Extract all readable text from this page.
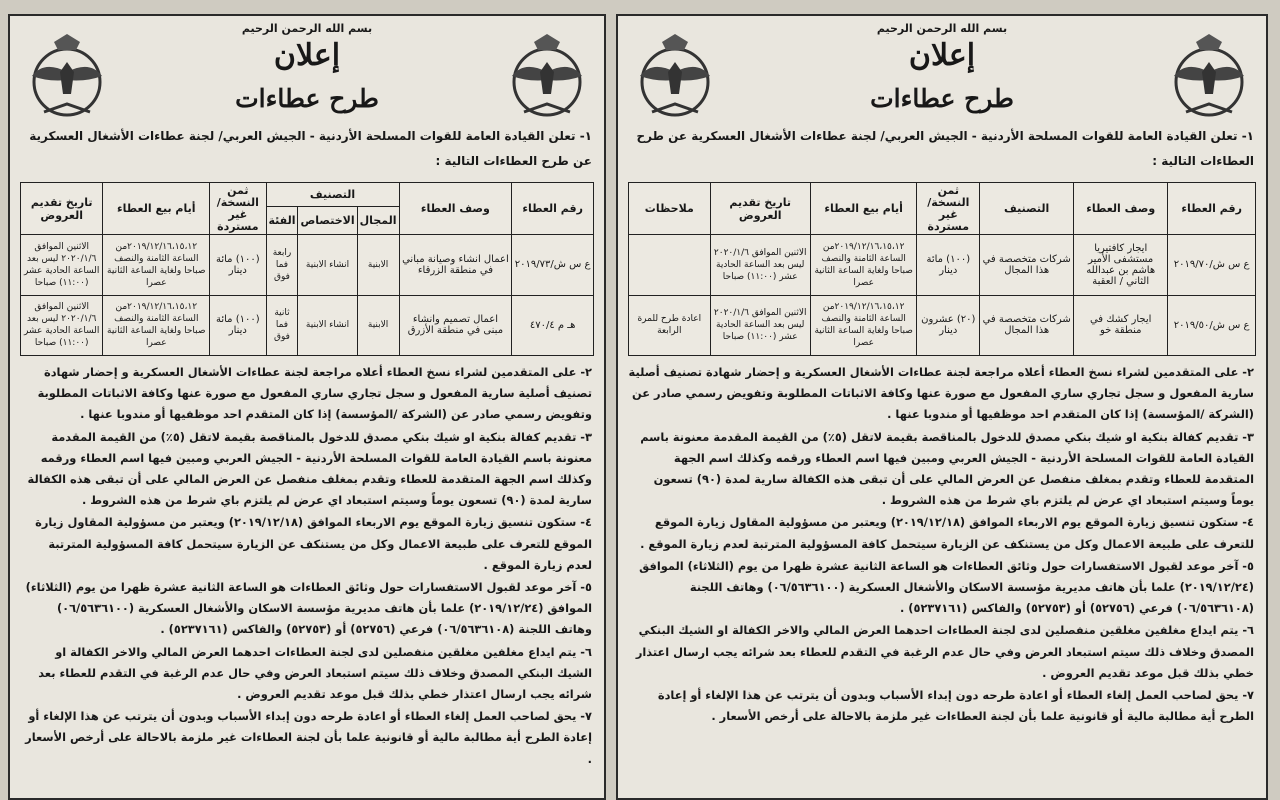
بسم الله الرحمن الرحيم
إعلان
طرح عطاءات
١- تعلن القيادة العامة للقوات المسلحة الأردنية - الجيش العربي/ لجنة عطاءات الأشغال العسكرية عن طرح العطاءات التالية :
رقم العطاء	وصف العطاء	التصنيف	ثمن النسخة/ غير مستردة	أيام بيع العطاء	تاريخ تقديم العروض	ملاحظات
ع س ش/٢٠١٩/٧٠	ايجار كافتيريا مستشفى الأمير هاشم بن عبدالله الثاني / العقبة	شركات متخصصة في هذا المجال	(١٠٠) مائة دينار	٢٠١٩/١٢/١٦،١٥،١٢من الساعة الثامنة والنصف صباحا ولغاية الساعة الثانية عصرا	الاثنين الموافق ٢٠٢٠/١/٦ ليس بعد الساعة الحادية عشر (١١:٠٠) صباحا	
ع س ش/٢٠١٩/٥٠	ايجار كشك في منطقة خو	شركات متخصصة في هذا المجال	(٢٠) عشرون دينار	٢٠١٩/١٢/١٦،١٥،١٢من الساعة الثامنة والنصف صباحا ولغاية الساعة الثانية عصرا	الاثنين الموافق ٢٠٢٠/١/٦ ليس بعد الساعة الحادية عشر (١١:٠٠) صباحا	اعادة طرح للمرة الرابعة

٢- على المتقدمين لشراء نسخ العطاء أعلاه مراجعة لجنة عطاءات الأشغال العسكرية و إحضار شهادة تصنيف أصلية سارية المفعول و سجل تجاري ساري المفعول مع صورة عنها وكافة الاثباتات المطلوبة وتفويض رسمي صادر عن (الشركة /المؤسسة) إذا كان المتقدم احد موظفيها أو مندوبا عنها .

٣- تقديم كفالة بنكية او شيك بنكي مصدق للدخول بالمناقصة بقيمة لاتقل (٥٪) من القيمة المقدمة معنونة باسم القيادة العامة للقوات المسلحة الأردنية - الجيش العربي ومبين فيها اسم العطاء ورقمه وكذلك اسم الجهة المتقدمة للعطاء وتقدم بمغلف منفصل عن العرض المالي على أن تبقى هذه الكفالة سارية لمدة (٩٠) تسعون يوماً وسيتم استبعاد اي عرض لم يلتزم باي شرط من هذه الشروط .

٤- ستكون تنسيق زيارة الموقع يوم الاربعاء الموافق (٢٠١٩/١٢/١٨) ويعتبر من مسؤولية المقاول زيارة الموقع للتعرف على طبيعة الاعمال وكل من يستنكف عن الزيارة سيتحمل كافة المسؤولية المترتبة لعدم زيارة الموقع .

٥- آخر موعد لقبول الاستفسارات حول وثائق العطاءات هو الساعة الثانية عشرة ظهرا من يوم (الثلاثاء) الموافق (٢٠١٩/١٢/٢٤) علما بأن هاتف مديرية مؤسسة الاسكان والأشغال العسكرية (٠٦/٥٦٣٦١٠٠) وهاتف اللجنة (٠٦/٥٦٣٦١٠٨) فرعي (٥٢٧٥٦) أو (٥٢٧٥٣) والفاكس (٥٢٣٧١٦١) .

٦- يتم ايداع مغلفين مغلقين منفصلين لدى لجنة العطاءات احدهما العرض المالي والاخر الكفالة او الشيك البنكي المصدق وخلاف ذلك سيتم استبعاد العرض وفي حال عدم الرغبة في التقدم للعطاء بعد شرائه يجب ارسال اعتذار خطي بذلك قبل موعد تقديم العروض .

٧- يحق لصاحب العمل إلغاء العطاء أو اعادة طرحه دون إبداء الأسباب وبدون أن يترتب عن هذا الإلغاء أو إعادة الطرح أية مطالبة مالية أو قانونية علما بأن لجنة العطاءات غير ملزمة بالاحالة على أرخص الأسعار .

بسم الله الرحمن الرحيم
إعلان
طرح عطاءات
١- تعلن القيادة العامة للقوات المسلحة الأردنية - الجيش العربي/ لجنة عطاءات الأشغال العسكرية عن طرح العطاءات التالية :
رقم العطاء	وصف العطاء	التصنيف			ثمن النسخة/ غير مستردة	أيام بيع العطاء	تاريخ تقديم العروض
		المجال	الاختصاص	الفئة			
ع س ش/٢٠١٩/٧٣	اعمال انشاء وصيانة مباني في منطقة الزرقاء	الابنية	انشاء الابنية	رابعة فما فوق	(١٠٠) مائة دينار	٢٠١٩/١٢/١٦،١٥،١٢من الساعة الثامنة والنصف صباحا ولغاية الساعة الثانية عصرا	الاثنين الموافق ٢٠٢٠/١/٦ ليس بعد الساعة الحادية عشر (١١:٠٠) صباحا
هـ م ٤٧٠/٤	اعمال تصميم وانشاء مبنى في منطقة الأزرق	الابنية	انشاء الابنية	ثانية فما فوق	(١٠٠) مائة دينار	٢٠١٩/١٢/١٦،١٥،١٢من الساعة الثامنة والنصف صباحا ولغاية الساعة الثانية عصرا	الاثنين الموافق ٢٠٢٠/١/٦ ليس بعد الساعة الحادية عشر (١١:٠٠) صباحا

٢- على المتقدمين لشراء نسخ العطاء أعلاه مراجعة لجنة عطاءات الأشغال العسكرية و إحضار شهادة تصنيف أصلية سارية المفعول و سجل تجاري ساري المفعول مع صورة عنها وكافة الاثباتات المطلوبة وتفويض رسمي صادر عن (الشركة /المؤسسة) إذا كان المتقدم احد موظفيها أو مندوبا عنها .

٣- تقديم كفالة بنكية او شيك بنكي مصدق للدخول بالمناقصة بقيمة لاتقل (٥٪) من القيمة المقدمة معنونة باسم القيادة العامة للقوات المسلحة الأردنية - الجيش العربي ومبين فيها اسم العطاء ورقمه وكذلك اسم الجهة المتقدمة للعطاء وتقدم بمغلف منفصل عن العرض المالي على أن تبقى هذه الكفالة سارية لمدة (٩٠) تسعون يوماً وسيتم استبعاد اي عرض لم يلتزم باي شرط من هذه الشروط .

٤- ستكون تنسيق زيارة الموقع يوم الاربعاء الموافق (٢٠١٩/١٢/١٨) ويعتبر من مسؤولية المقاول زيارة الموقع للتعرف على طبيعة الاعمال وكل من يستنكف عن الزيارة سيتحمل كافة المسؤولية المترتبة لعدم زيارة الموقع .

٥- آخر موعد لقبول الاستفسارات حول وثائق العطاءات هو الساعة الثانية عشرة ظهرا من يوم (الثلاثاء) الموافق (٢٠١٩/١٢/٢٤) علما بأن هاتف مديرية مؤسسة الاسكان والأشغال العسكرية (٠٦/٥٦٣٦١٠٠) وهاتف اللجنة (٠٦/٥٦٣٦١٠٨) فرعي (٥٢٧٥٦) أو (٥٢٧٥٣) والفاكس (٥٢٣٧١٦١) .

٦- يتم ايداع مغلفين مغلقين منفصلين لدى لجنة العطاءات احدهما العرض المالي والاخر الكفالة او الشيك البنكي المصدق وخلاف ذلك سيتم استبعاد العرض وفي حال عدم الرغبة في التقدم للعطاء بعد شرائه يجب ارسال اعتذار خطي بذلك قبل موعد تقديم العروض .

٧- يحق لصاحب العمل إلغاء العطاء أو اعادة طرحه دون إبداء الأسباب وبدون أن يترتب عن هذا الإلغاء أو إعادة الطرح أية مطالبة مالية أو قانونية علما بأن لجنة العطاءات غير ملزمة بالاحالة على أرخص الأسعار .
